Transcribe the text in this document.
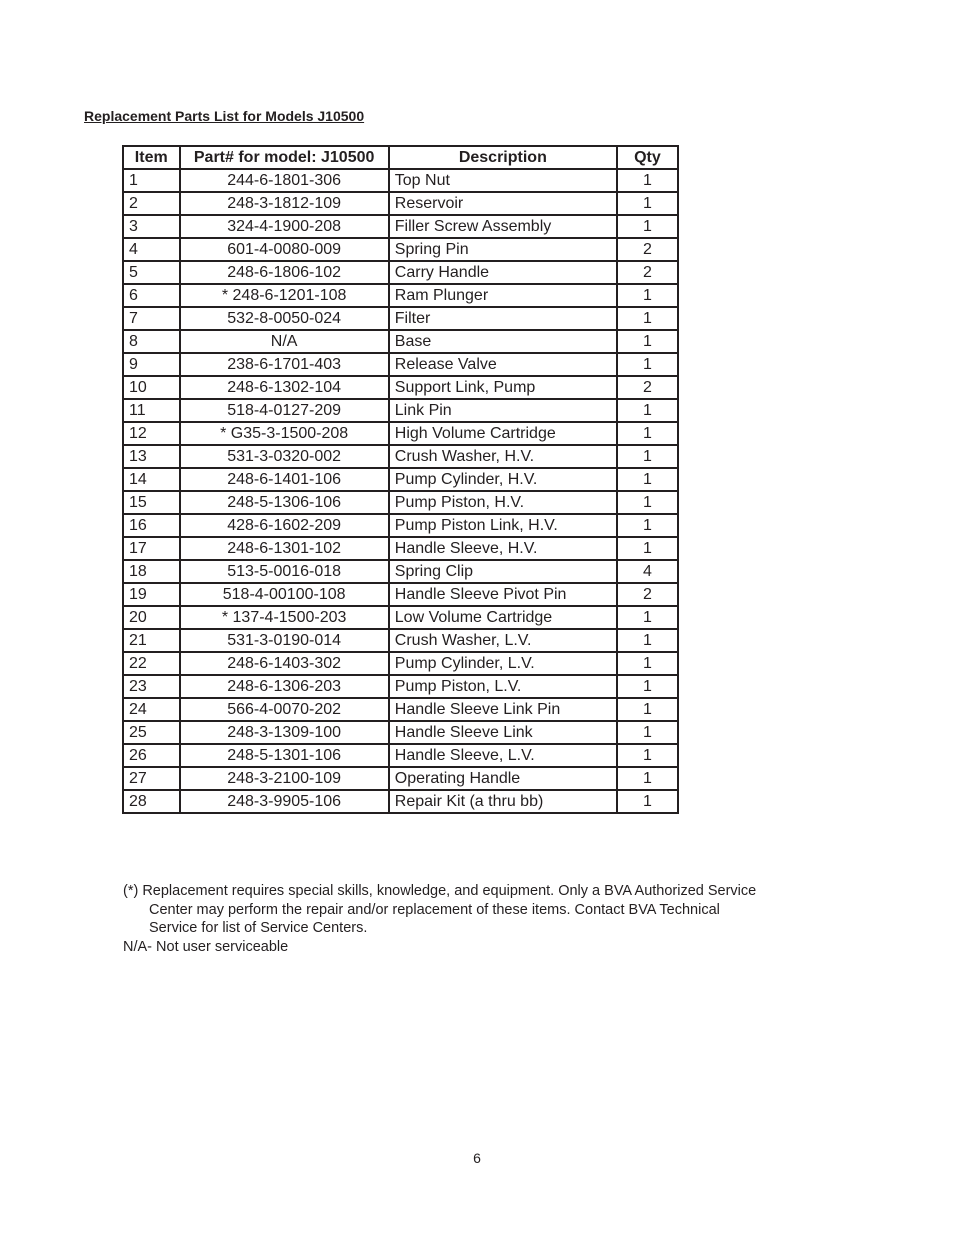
Replacement Parts List for Models J10500
Item	Part# for model: J10500	Description	Qty
1	244-6-1801-306	Top Nut	1
2	248-3-1812-109	Reservoir	1
3	324-4-1900-208	Filler Screw Assembly	1
4	601-4-0080-009	Spring Pin	2
5	248-6-1806-102	Carry Handle	2
6	* 248-6-1201-108	Ram Plunger	1
7	532-8-0050-024	Filter	1
8	N/A	Base	1
9	238-6-1701-403	Release Valve	1
10	248-6-1302-104	Support Link, Pump	2
11	518-4-0127-209	Link Pin	1
12	* G35-3-1500-208	High Volume Cartridge	1
13	531-3-0320-002	Crush Washer, H.V.	1
14	248-6-1401-106	Pump Cylinder, H.V.	1
15	248-5-1306-106	Pump Piston, H.V.	1
16	428-6-1602-209	Pump Piston Link, H.V.	1
17	248-6-1301-102	Handle Sleeve, H.V.	1
18	513-5-0016-018	Spring Clip	4
19	518-4-00100-108	Handle Sleeve Pivot Pin	2
20	* 137-4-1500-203	Low Volume Cartridge	1
21	531-3-0190-014	Crush Washer, L.V.	1
22	248-6-1403-302	Pump Cylinder, L.V.	1
23	248-6-1306-203	Pump Piston, L.V.	1
24	566-4-0070-202	Handle Sleeve Link Pin	1
25	248-3-1309-100	Handle Sleeve Link	1
26	248-5-1301-106	Handle Sleeve, L.V.	1
27	248-3-2100-109	Operating Handle	1
28	248-3-9905-106	Repair Kit (a thru bb)	1

(*) Replacement requires special skills, knowledge, and equipment. Only a BVA Authorized Service

Center may perform the repair and/or replacement of these items. Contact BVA Technical

Service for list of Service Centers.

N/A- Not user serviceable

6
